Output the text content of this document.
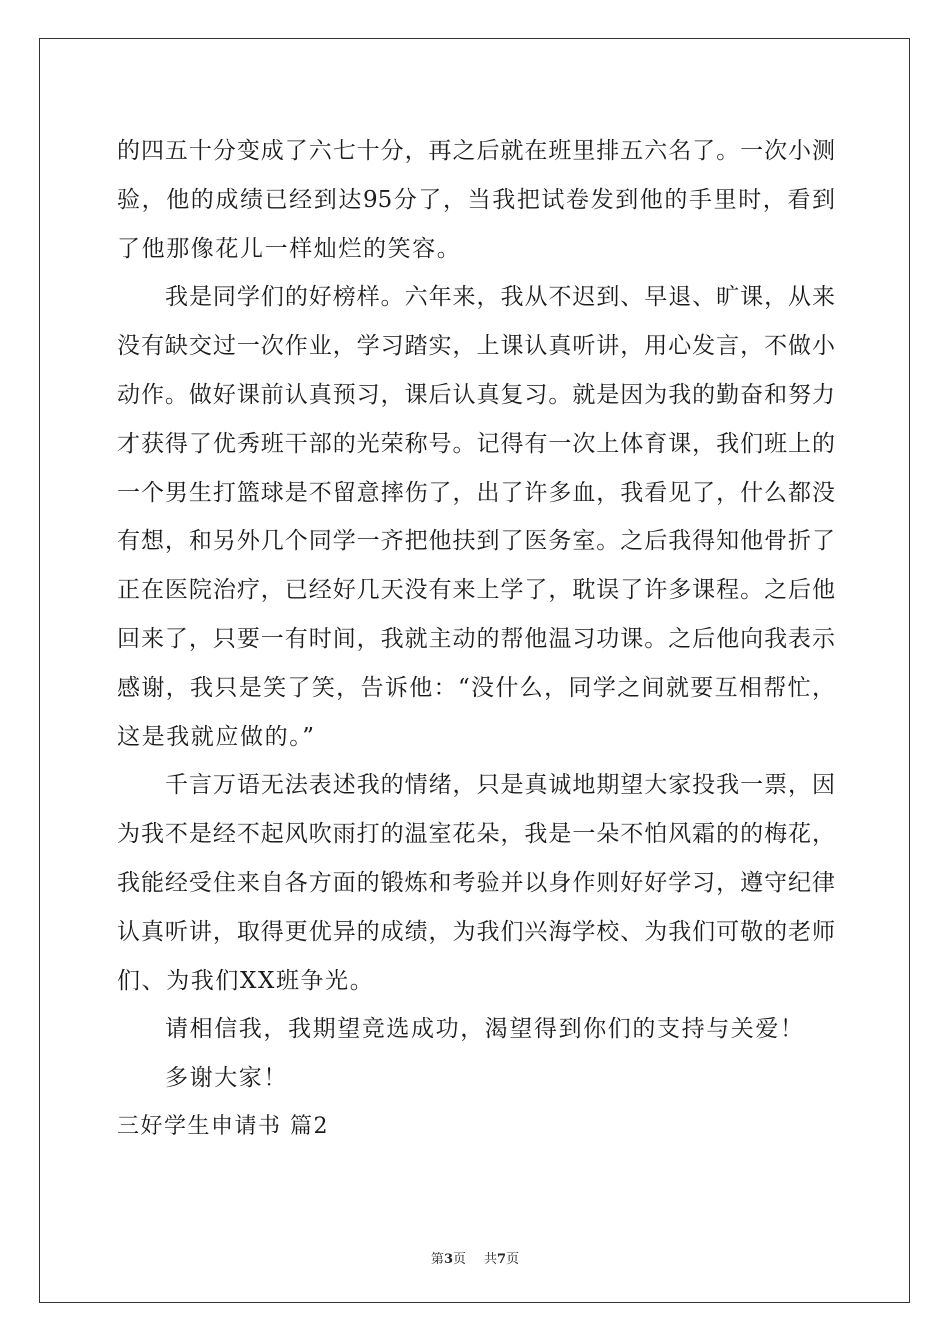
的四五十分变成了六七十分，再之后就在班里排五六名了。一次小测
验，他的成绩已经到达95分了，当我把试卷发到他的手里时，看到
了他那像花儿一样灿烂的笑容。
我是同学们的好榜样。六年来，我从不迟到、早退、旷课，从来
没有缺交过一次作业，学习踏实，上课认真听讲，用心发言，不做小
动作。做好课前认真预习，课后认真复习。就是因为我的勤奋和努力
才获得了优秀班干部的光荣称号。记得有一次上体育课，我们班上的
一个男生打篮球是不留意摔伤了，出了许多血，我看见了，什么都没
有想，和另外几个同学一齐把他扶到了医务室。之后我得知他骨折了
正在医院治疗，已经好几天没有来上学了，耽误了许多课程。之后他
回来了，只要一有时间，我就主动的帮他温习功课。之后他向我表示
感谢，我只是笑了笑，告诉他：“没什么，同学之间就要互相帮忙，
这是我就应做的。”
千言万语无法表述我的情绪，只是真诚地期望大家投我一票，因
为我不是经不起风吹雨打的温室花朵，我是一朵不怕风霜的的梅花，
我能经受住来自各方面的锻炼和考验并以身作则好好学习，遵守纪律
认真听讲，取得更优异的成绩，为我们兴海学校、为我们可敬的老师
们、为我们XX班争光。
请相信我，我期望竞选成功，渴望得到你们的支持与关爱！
多谢大家！
三好学生申请书 篇2
第3页 共7页
